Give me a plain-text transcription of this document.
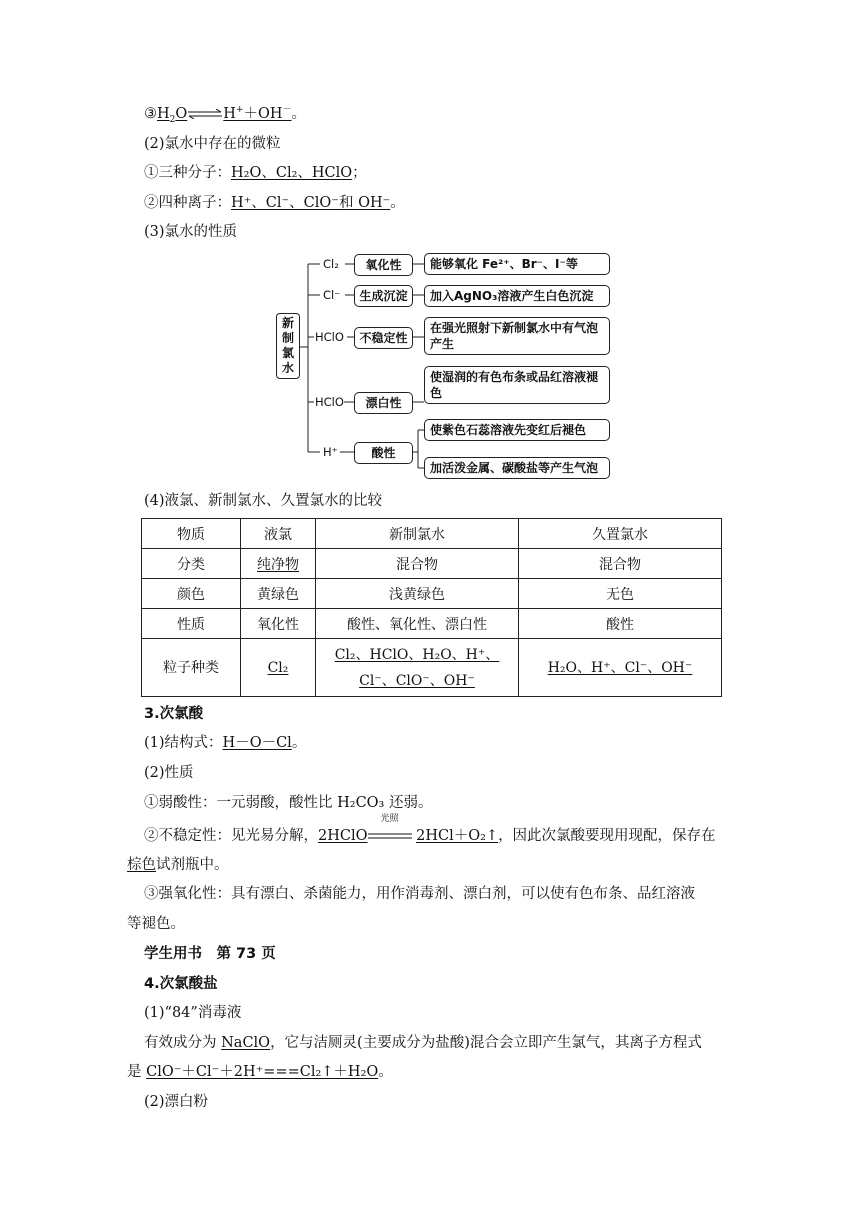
$③H_2O\rightleftharpoons H^++OH^-$。
(2)氯水中存在的微粒
①三种分子：H₂O、Cl₂、HClO；
②四种离子：H⁺、Cl⁻、ClO⁻和 OH⁻。
(3)氯水的性质
新制氯水
Cl₂
Cl⁻
HClO
HClO
H⁺
氧化性
生成沉淀
不稳定性
漂白性
酸性
能够氧化 Fe²⁺、Br⁻、I⁻等
加入AgNO₃溶液产生白色沉淀
在强光照射下新制氯水中有气泡产生
使湿润的有色布条或品红溶液褪色
使紫色石蕊溶液先变红后褪色
加活泼金属、碳酸盐等产生气泡
(4)液氯、新制氯水、久置氯水的比较
物质	液氯	新制氯水	久置氯水
分类	纯净物	混合物	混合物
颜色	黄绿色	浅黄绿色	无色
性质	氧化性	酸性、氧化性、漂白性	酸性
粒子种类	Cl₂	Cl₂、HClO、H₂O、H⁺、Cl⁻、ClO⁻、OH⁻	H₂O、H⁺、Cl⁻、OH⁻
3.次氯酸
(1)结构式：H－O－Cl。
(2)性质
①弱酸性：一元弱酸，酸性比 H₂CO₃ 还弱。
②不稳定性：见光易分解，2HClO
光照
2HCl＋O₂↑，因此次氯酸要现用现配，保存在
棕色试剂瓶中。
③强氧化性：具有漂白、杀菌能力，用作消毒剂、漂白剂，可以使有色布条、品红溶液
等褪色。
学生用书　第 73 页
4.次氯酸盐
(1)“84”消毒液
有效成分为 NaClO，它与洁厕灵(主要成分为盐酸)混合会立即产生氯气，其离子方程式
是 ClO⁻＋Cl⁻＋2H⁺===Cl₂↑＋H₂O。
(2)漂白粉
